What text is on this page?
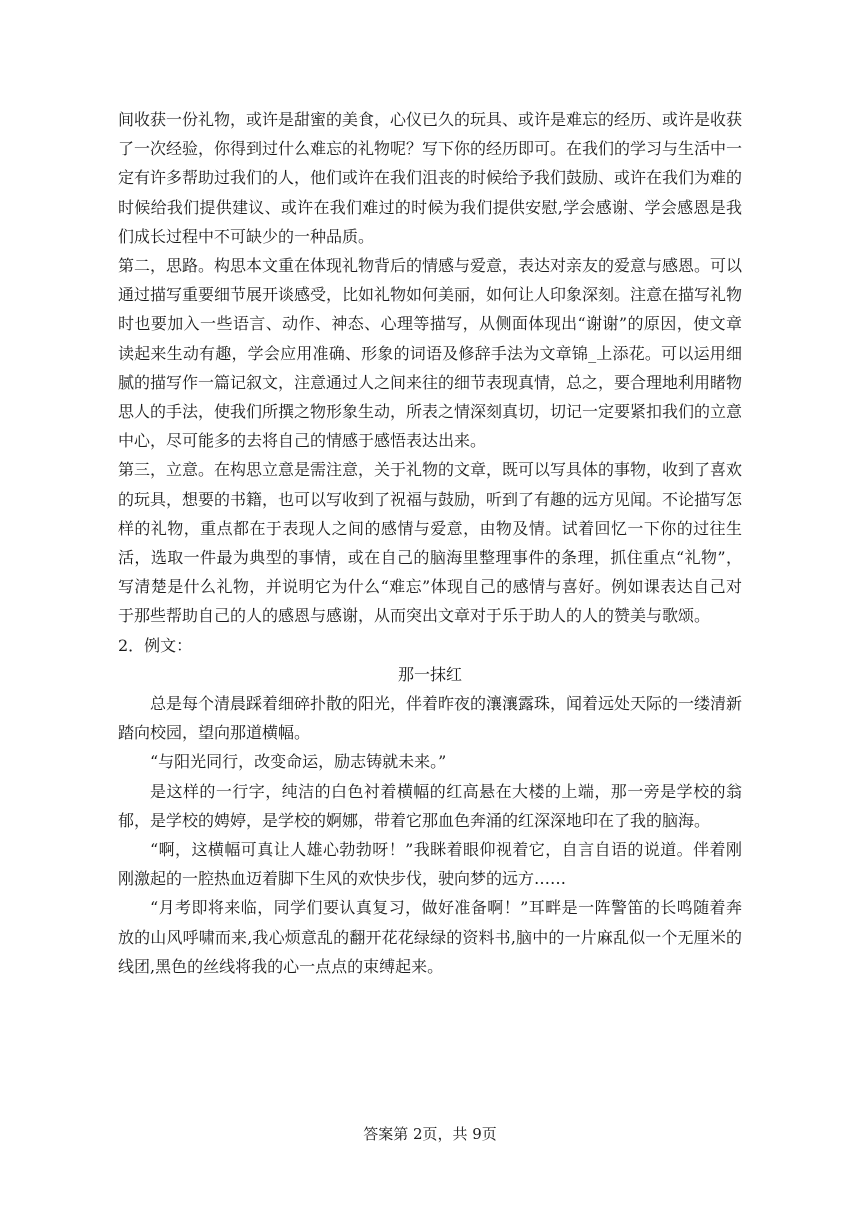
间收获一份礼物，或许是甜蜜的美食，心仪已久的玩具、或许是难忘的经历、或许是收获了一次经验，你得到过什么难忘的礼物呢？写下你的经历即可。在我们的学习与生活中一定有许多帮助过我们的人，他们或许在我们沮丧的时候给予我们鼓励、或许在我们为难的时候给我们提供建议、或许在我们难过的时候为我们提供安慰,学会感谢、学会感恩是我们成长过程中不可缺少的一种品质。

第二，思路。构思本文重在体现礼物背后的情感与爱意，表达对亲友的爱意与感恩。可以通过描写重要细节展开谈感受，比如礼物如何美丽，如何让人印象深刻。注意在描写礼物时也要加入一些语言、动作、神态、心理等描写，从侧面体现出“谢谢”的原因，使文章读起来生动有趣，学会应用准确、形象的词语及修辞手法为文章锦_上添花。可以运用细腻的描写作一篇记叙文，注意通过人之间来往的细节表现真情，总之，要合理地利用睹物思人的手法，使我们所撰之物形象生动，所表之情深刻真切，切记一定要紧扣我们的立意中心，尽可能多的去将自己的情感于感悟表达出来。

第三，立意。在构思立意是需注意，关于礼物的文章，既可以写具体的事物，收到了喜欢的玩具，想要的书籍，也可以写收到了祝福与鼓励，听到了有趣的远方见闻。不论描写怎样的礼物，重点都在于表现人之间的感情与爱意，由物及情。试着回忆一下你的过往生活，选取一件最为典型的事情，或在自己的脑海里整理事件的条理，抓住重点“礼物”，写清楚是什么礼物，并说明它为什么“难忘”体现自己的感情与喜好。例如课表达自己对于那些帮助自己的人的感恩与感谢，从而突出文章对于乐于助人的人的赞美与歌颂。

2．例文：

那一抹红

总是每个清晨踩着细碎扑散的阳光，伴着昨夜的瀼瀼露珠，闻着远处天际的一缕清新踏向校园，望向那道横幅。

“与阳光同行，改变命运，励志铸就未来。”

是这样的一行字，纯洁的白色衬着横幅的红高悬在大楼的上端，那一旁是学校的翁郁，是学校的娉婷，是学校的婀娜，带着它那血色奔涌的红深深地印在了我的脑海。

“啊，这横幅可真让人雄心勃勃呀！”我眯着眼仰视着它，自言自语的说道。伴着刚刚激起的一腔热血迈着脚下生风的欢快步伐，驶向梦的远方……

“月考即将来临，同学们要认真复习，做好准备啊！”耳畔是一阵警笛的长鸣随着奔放的山风呼啸而来,我心烦意乱的翻开花花绿绿的资料书,脑中的一片麻乱似一个无厘米的线团,黑色的丝线将我的心一点点的束缚起来。

答案第 2页，共 9页
